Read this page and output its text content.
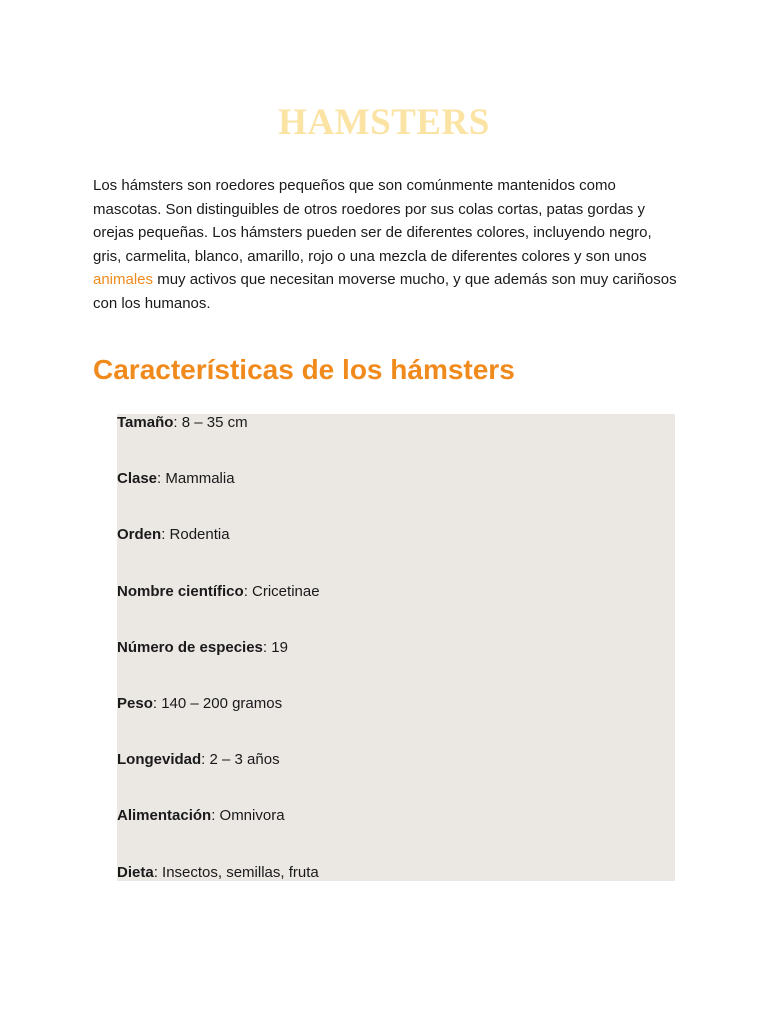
HAMSTERS

Los hámsters son roedores pequeños que son comúnmente mantenidos como mascotas. Son distinguibles de otros roedores por sus colas cortas, patas gordas y orejas pequeñas. Los hámsters pueden ser de diferentes colores, incluyendo negro, gris, carmelita, blanco, amarillo, rojo o una mezcla de diferentes colores y son unos animales muy activos que necesitan moverse mucho, y que además son muy cariñosos con los humanos.

Características de los hámsters
Tamaño: 8 – 35 cm
Clase: Mammalia
Orden: Rodentia
Nombre científico: Cricetinae
Número de especies: 19
Peso: 140 – 200 gramos
Longevidad: 2 – 3 años
Alimentación: Omnivora
Dieta: Insectos, semillas, fruta
